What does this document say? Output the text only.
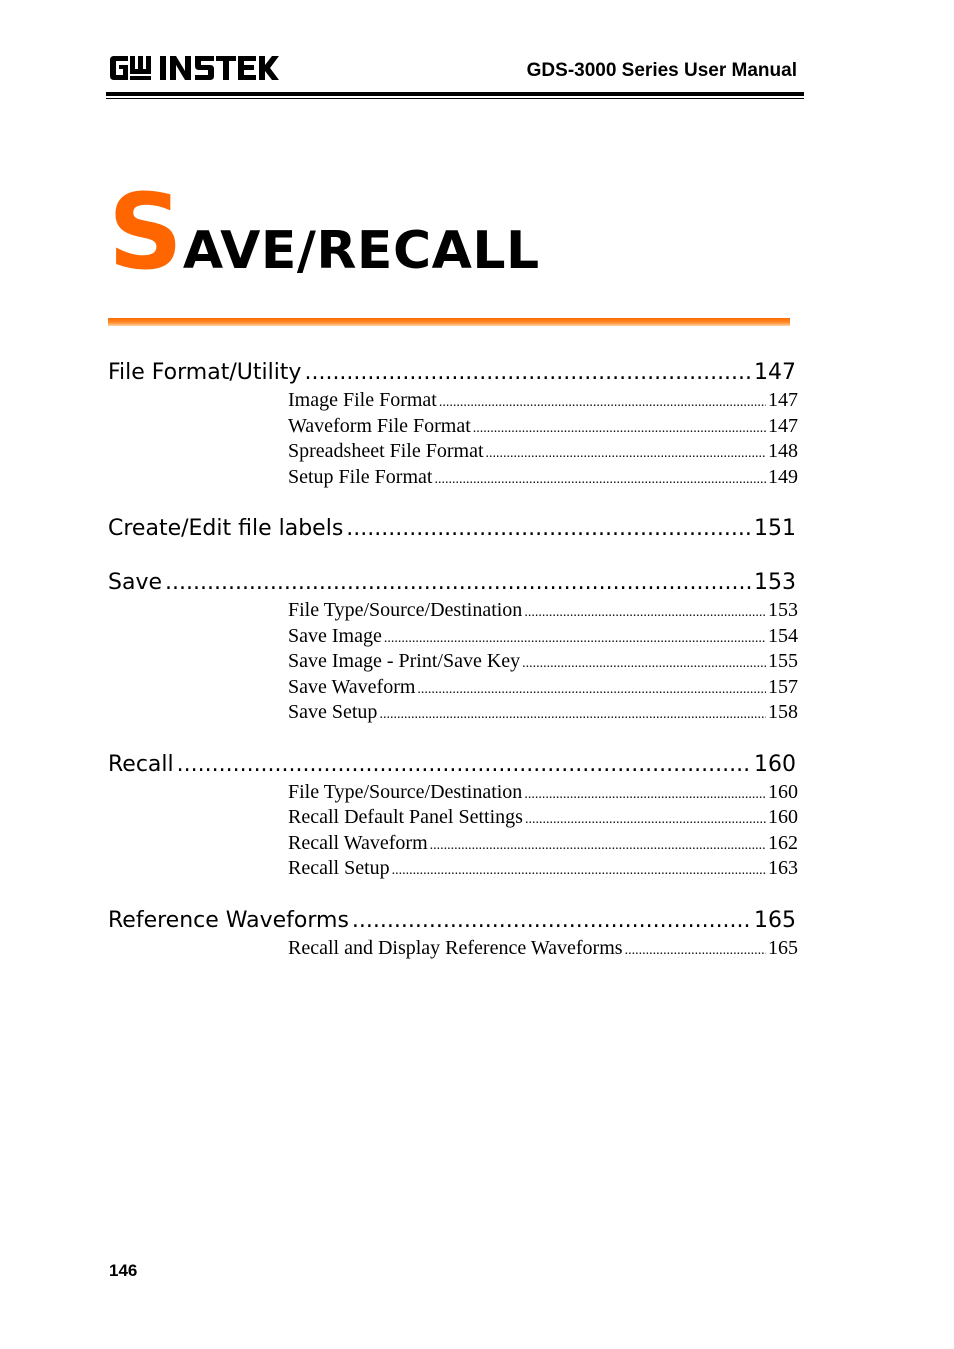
GDS-3000 Series User Manual
SAVE/RECALL
File Format/Utility .....	147
Image File Format .....	147
Waveform File Format .....	147
Spreadsheet File Format .....	148
Setup File Format .....	149
Create/Edit file labels .....	151
Save .....	153
File Type/Source/Destination .....	153
Save Image .....	154
Save Image - Print/Save Key .....	155
Save Waveform .....	157
Save Setup .....	158
Recall .....	160
File Type/Source/Destination .....	160
Recall Default Panel Settings .....	160
Recall Waveform .....	162
Recall Setup .....	163
Reference Waveforms .....	165
Recall and Display Reference Waveforms .....	165
146
